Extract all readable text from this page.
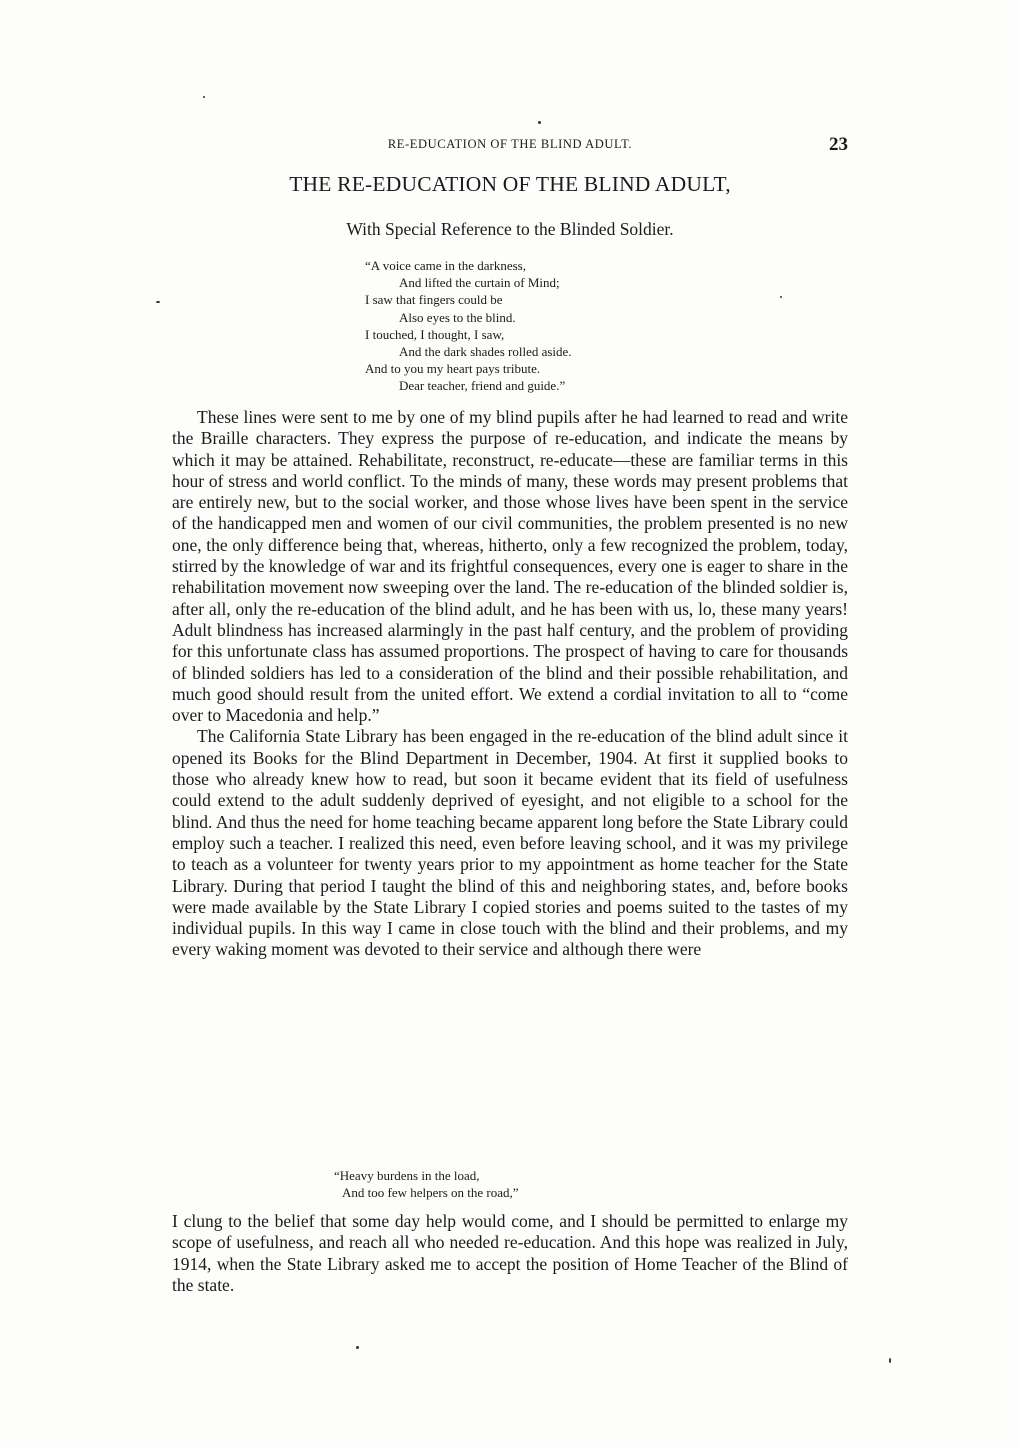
RE-EDUCATION OF THE BLIND ADULT.	23
THE RE-EDUCATION OF THE BLIND ADULT,
With Special Reference to the Blinded Soldier.
“A voice came in the darkness,
And lifted the curtain of Mind;
I saw that fingers could be
Also eyes to the blind.
I touched, I thought, I saw,
And the dark shades rolled aside.
And to you my heart pays tribute.
Dear teacher, friend and guide.”

These lines were sent to me by one of my blind pupils after he had learned to read and write the Braille characters. They express the purpose of re-education, and indicate the means by which it may be attained. Rehabilitate, reconstruct, re-educate—these are familiar terms in this hour of stress and world conflict. To the minds of many, these words may present problems that are entirely new, but to the social worker, and those whose lives have been spent in the service of the handicapped men and women of our civil communities, the problem presented is no new one, the only difference being that, whereas, hitherto, only a few recognized the problem, today, stirred by the knowledge of war and its frightful consequences, every one is eager to share in the rehabilitation movement now sweeping over the land. The re-education of the blinded soldier is, after all, only the re-education of the blind adult, and he has been with us, lo, these many years! Adult blindness has increased alarmingly in the past half century, and the problem of providing for this unfortunate class has assumed proportions. The prospect of having to care for thousands of blinded soldiers has led to a consideration of the blind and their possible rehabilitation, and much good should result from the united effort. We extend a cordial invitation to all to “come over to Macedonia and help.”

The California State Library has been engaged in the re-education of the blind adult since it opened its Books for the Blind Department in December, 1904. At first it supplied books to those who already knew how to read, but soon it became evident that its field of usefulness could extend to the adult suddenly deprived of eyesight, and not eligible to a school for the blind. And thus the need for home teaching became apparent long before the State Library could employ such a teacher. I realized this need, even before leaving school, and it was my privilege to teach as a volunteer for twenty years prior to my appointment as home teacher for the State Library. During that period I taught the blind of this and neighboring states, and, before books were made available by the State Library I copied stories and poems suited to the tastes of my individual pupils. In this way I came in close touch with the blind and their problems, and my every waking moment was devoted to their service and although there were

“Heavy burdens in the load,
And too few helpers on the road,”

I clung to the belief that some day help would come, and I should be permitted to enlarge my scope of usefulness, and reach all who needed re-education. And this hope was realized in July, 1914, when the State Library asked me to accept the position of Home Teacher of the Blind of the state.
